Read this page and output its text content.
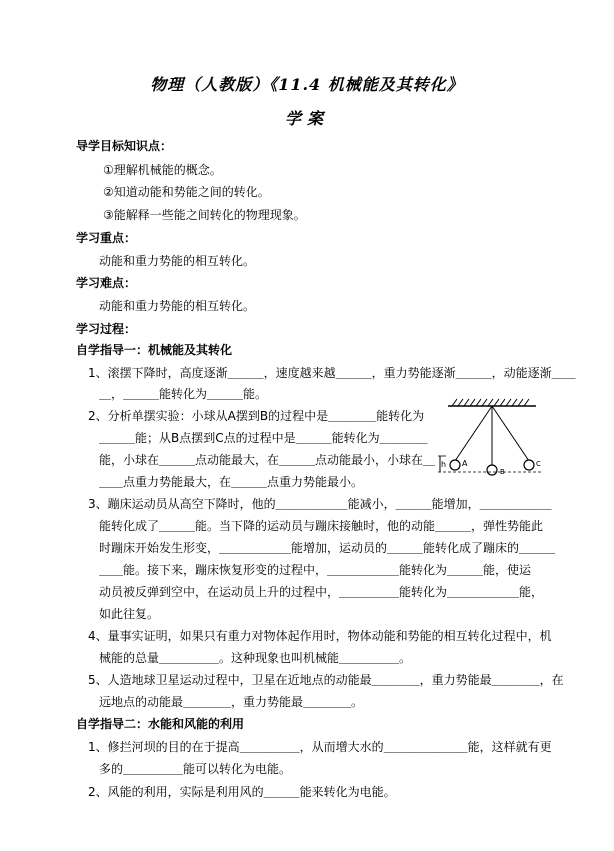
物理（人教版）《11.4 机械能及其转化》
学案
导学目标知识点：
①理解机械能的概念。
②知道动能和势能之间的转化。
③能解释一些能之间转化的物理现象。
学习重点：
动能和重力势能的相互转化。
学习难点：
动能和重力势能的相互转化。
学习过程：
自学指导一：机械能及其转化
1、滚摆下降时，高度逐渐＿＿＿，速度越来越＿＿＿，重力势能逐渐＿＿＿，动能逐渐＿＿
＿，＿＿＿能转化为＿＿＿能。
2、分析单摆实验：小球从A摆到B的过程中是＿＿＿＿能转化为
＿＿＿能；从B点摆到C点的过程中是＿＿＿能转化为＿＿＿＿
能，小球在＿＿＿点动能最大，在＿＿＿点动能最小，小球在＿
＿＿点重力势能最大，在＿＿＿点重力势能最小。
3、蹦床运动员从高空下降时，他的＿＿＿＿＿＿能减小，＿＿＿能增加，＿＿＿＿＿＿
能转化成了＿＿＿能。当下降的运动员与蹦床接触时，他的动能＿＿＿，弹性势能此
时蹦床开始发生形变，＿＿＿＿＿＿能增加，运动员的＿＿＿能转化成了蹦床的＿＿＿
＿＿能。接下来，蹦床恢复形变的过程中，＿＿＿＿＿＿能转化为＿＿＿能，使运
动员被反弹到空中，在运动员上升的过程中，＿＿＿＿＿能转化为＿＿＿＿＿＿能，
如此往复。
4、量事实证明，如果只有重力对物体起作用时，物体动能和势能的相互转化过程中，机
械能的总量＿＿＿＿＿。这种现象也叫机械能＿＿＿＿＿。
5、人造地球卫星运动过程中，卫星在近地点的动能最＿＿＿＿，重力势能最＿＿＿＿，在
远地点的动能最＿＿＿＿，重力势能最＿＿＿＿。
自学指导二：水能和风能的利用
1、修拦河坝的目的在于提高＿＿＿＿＿，从而增大水的＿＿＿＿＿＿＿能，这样就有更
多的＿＿＿＿＿能可以转化为电能。
2、风能的利用，实际是利用风的＿＿＿能来转化为电能。
h A
B
C
